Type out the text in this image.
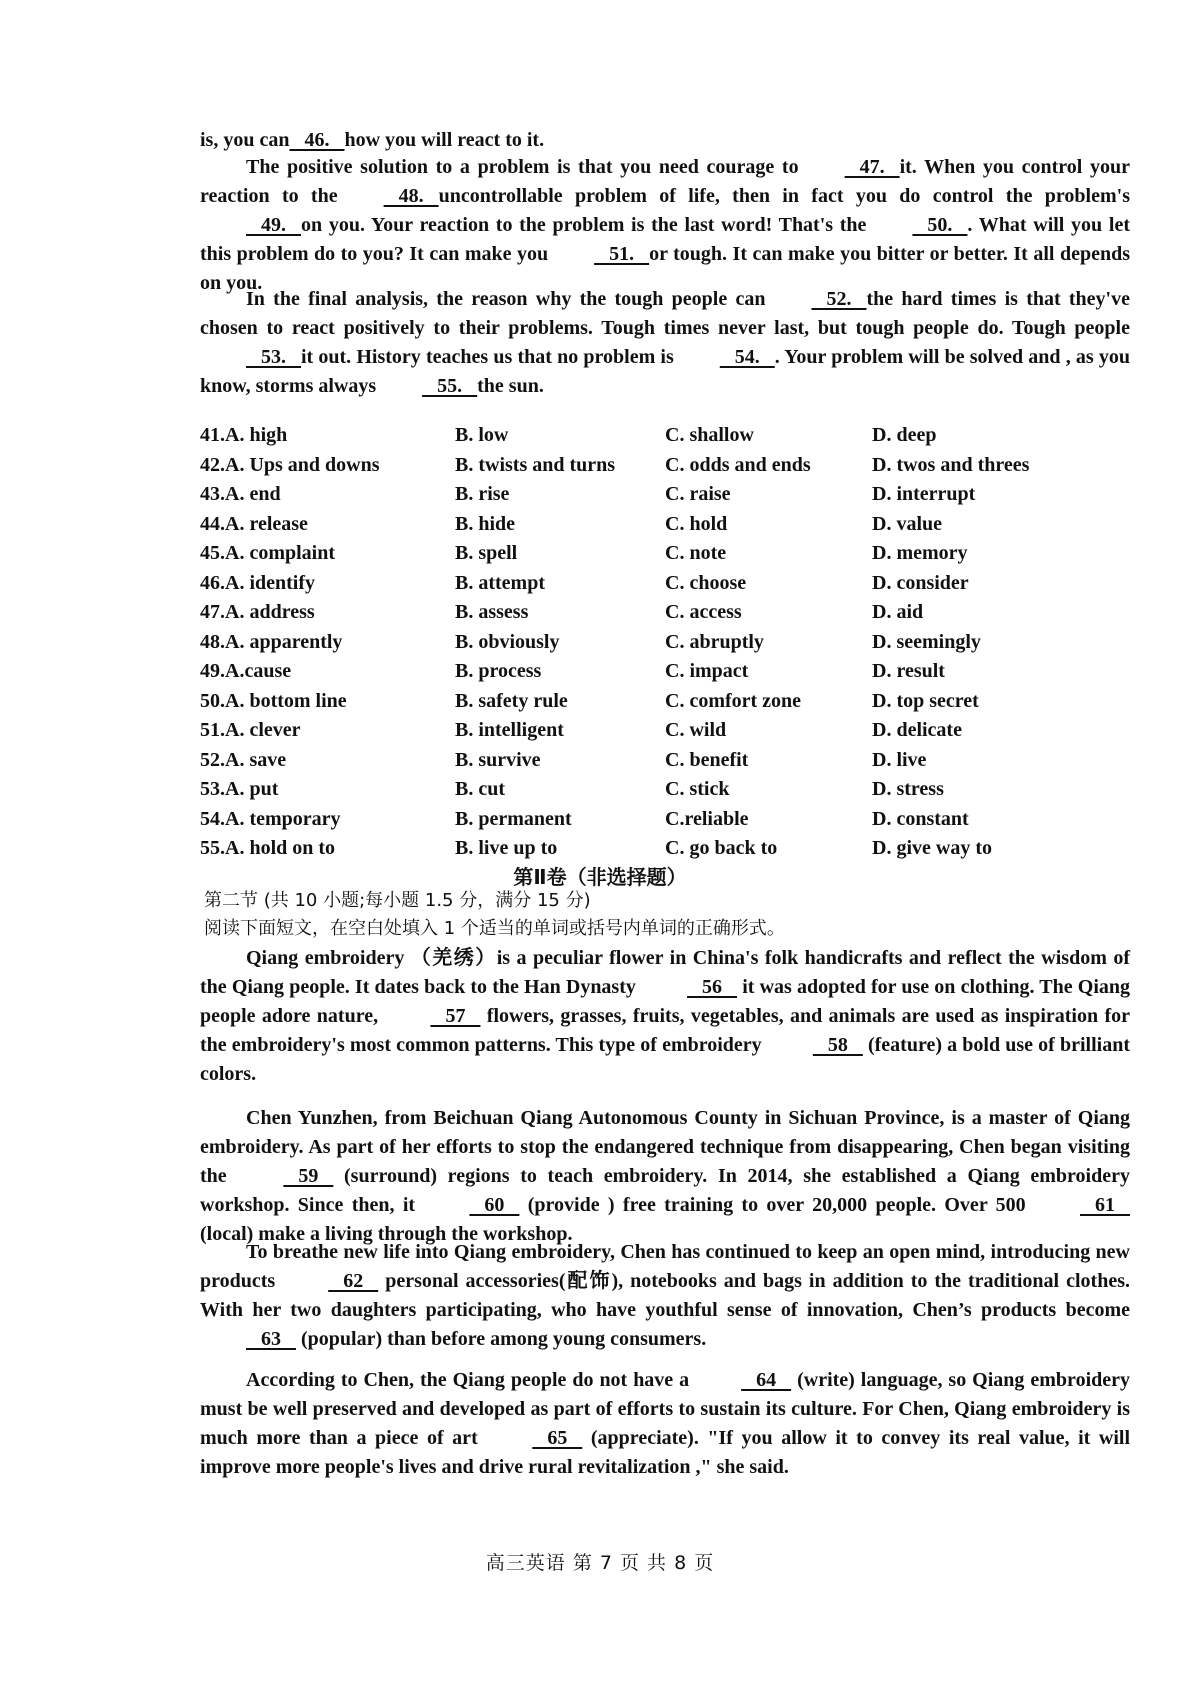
is, you can   46.   how you will react to it.
The positive solution to a problem is that you need courage to   47.   it. When you control your reaction to the   48.   uncontrollable problem of life, then in fact you do control the problem's    49.   on you. Your reaction to the problem is the last word! That's the   50.   . What will you let this problem do to you? It can make you   51.   or tough. It can make you bitter or better. It all depends on you.
In the final analysis, the reason why the tough people can   52.   the hard times is that they've chosen to react positively to their problems. Tough times never last, but tough people do. Tough people   53.   it out. History teaches us that no problem is   54.   . Your problem will be solved and , as you know, storms always   55.   the sun.
41.A. high	B. low	C. shallow	D. deep
42.A. Ups and downs	B. twists and turns	C. odds and ends	D. twos and threes
43.A. end	B. rise	C. raise	D. interrupt
44.A. release	B. hide	C. hold	D. value
45.A. complaint	B. spell	C. note	D. memory
46.A. identify	B. attempt	C. choose	D. consider
47.A. address	B. assess	C. access	D. aid
48.A. apparently	B. obviously	C. abruptly	D. seemingly
49.A.cause	B. process	C. impact	D. result
50.A. bottom line	B. safety rule	C. comfort zone	D. top secret
51.A. clever	B. intelligent	C. wild	D. delicate
52.A. save	B. survive	C. benefit	D. live
53.A. put	B. cut	C. stick	D. stress
54.A. temporary	B. permanent	C.reliable	D. constant
55.A. hold on to	B. live up to	C. go back to	D. give way to
第Ⅱ卷（非选择题）
第二节 (共 10 小题;每小题 1.5 分，满分 15 分)
阅读下面短文，在空白处填入 1 个适当的单词或括号内单词的正确形式。
Qiang embroidery （羌绣）is a peculiar flower in China's folk handicrafts and reflect the wisdom of the Qiang people. It dates back to the Han Dynasty    56    it was adopted for use on clothing. The Qiang people adore nature,    57    flowers, grasses, fruits, vegetables, and animals are used as inspiration for the embroidery's most common patterns. This type of embroidery    58    (feature) a bold use of brilliant colors.
Chen Yunzhen, from Beichuan Qiang Autonomous County in Sichuan Province, is a master of Qiang embroidery. As part of her efforts to stop the endangered technique from disappearing, Chen began visiting the    59    (surround) regions to teach embroidery. In 2014, she established a Qiang embroidery workshop. Since then, it    60    (provide ) free training to over 20,000 people. Over 500    61    (local) make a living through the workshop.
To breathe new life into Qiang embroidery, Chen has continued to keep an open mind, introducing new products    62    personal accessories(配饰), notebooks and bags in addition to the traditional clothes. With her two daughters participating, who have youthful sense of innovation, Chen’s products become    63    (popular) than before among young consumers.
According to Chen, the Qiang people do not have a    64    (write) language, so Qiang embroidery must be well preserved and developed as part of efforts to sustain its culture. For Chen, Qiang embroidery is much more than a piece of art    65    (appreciate). "If you allow it to convey its real value, it will improve more people's lives and drive rural revitalization ," she said.
高三英语 第 7 页 共 8 页
